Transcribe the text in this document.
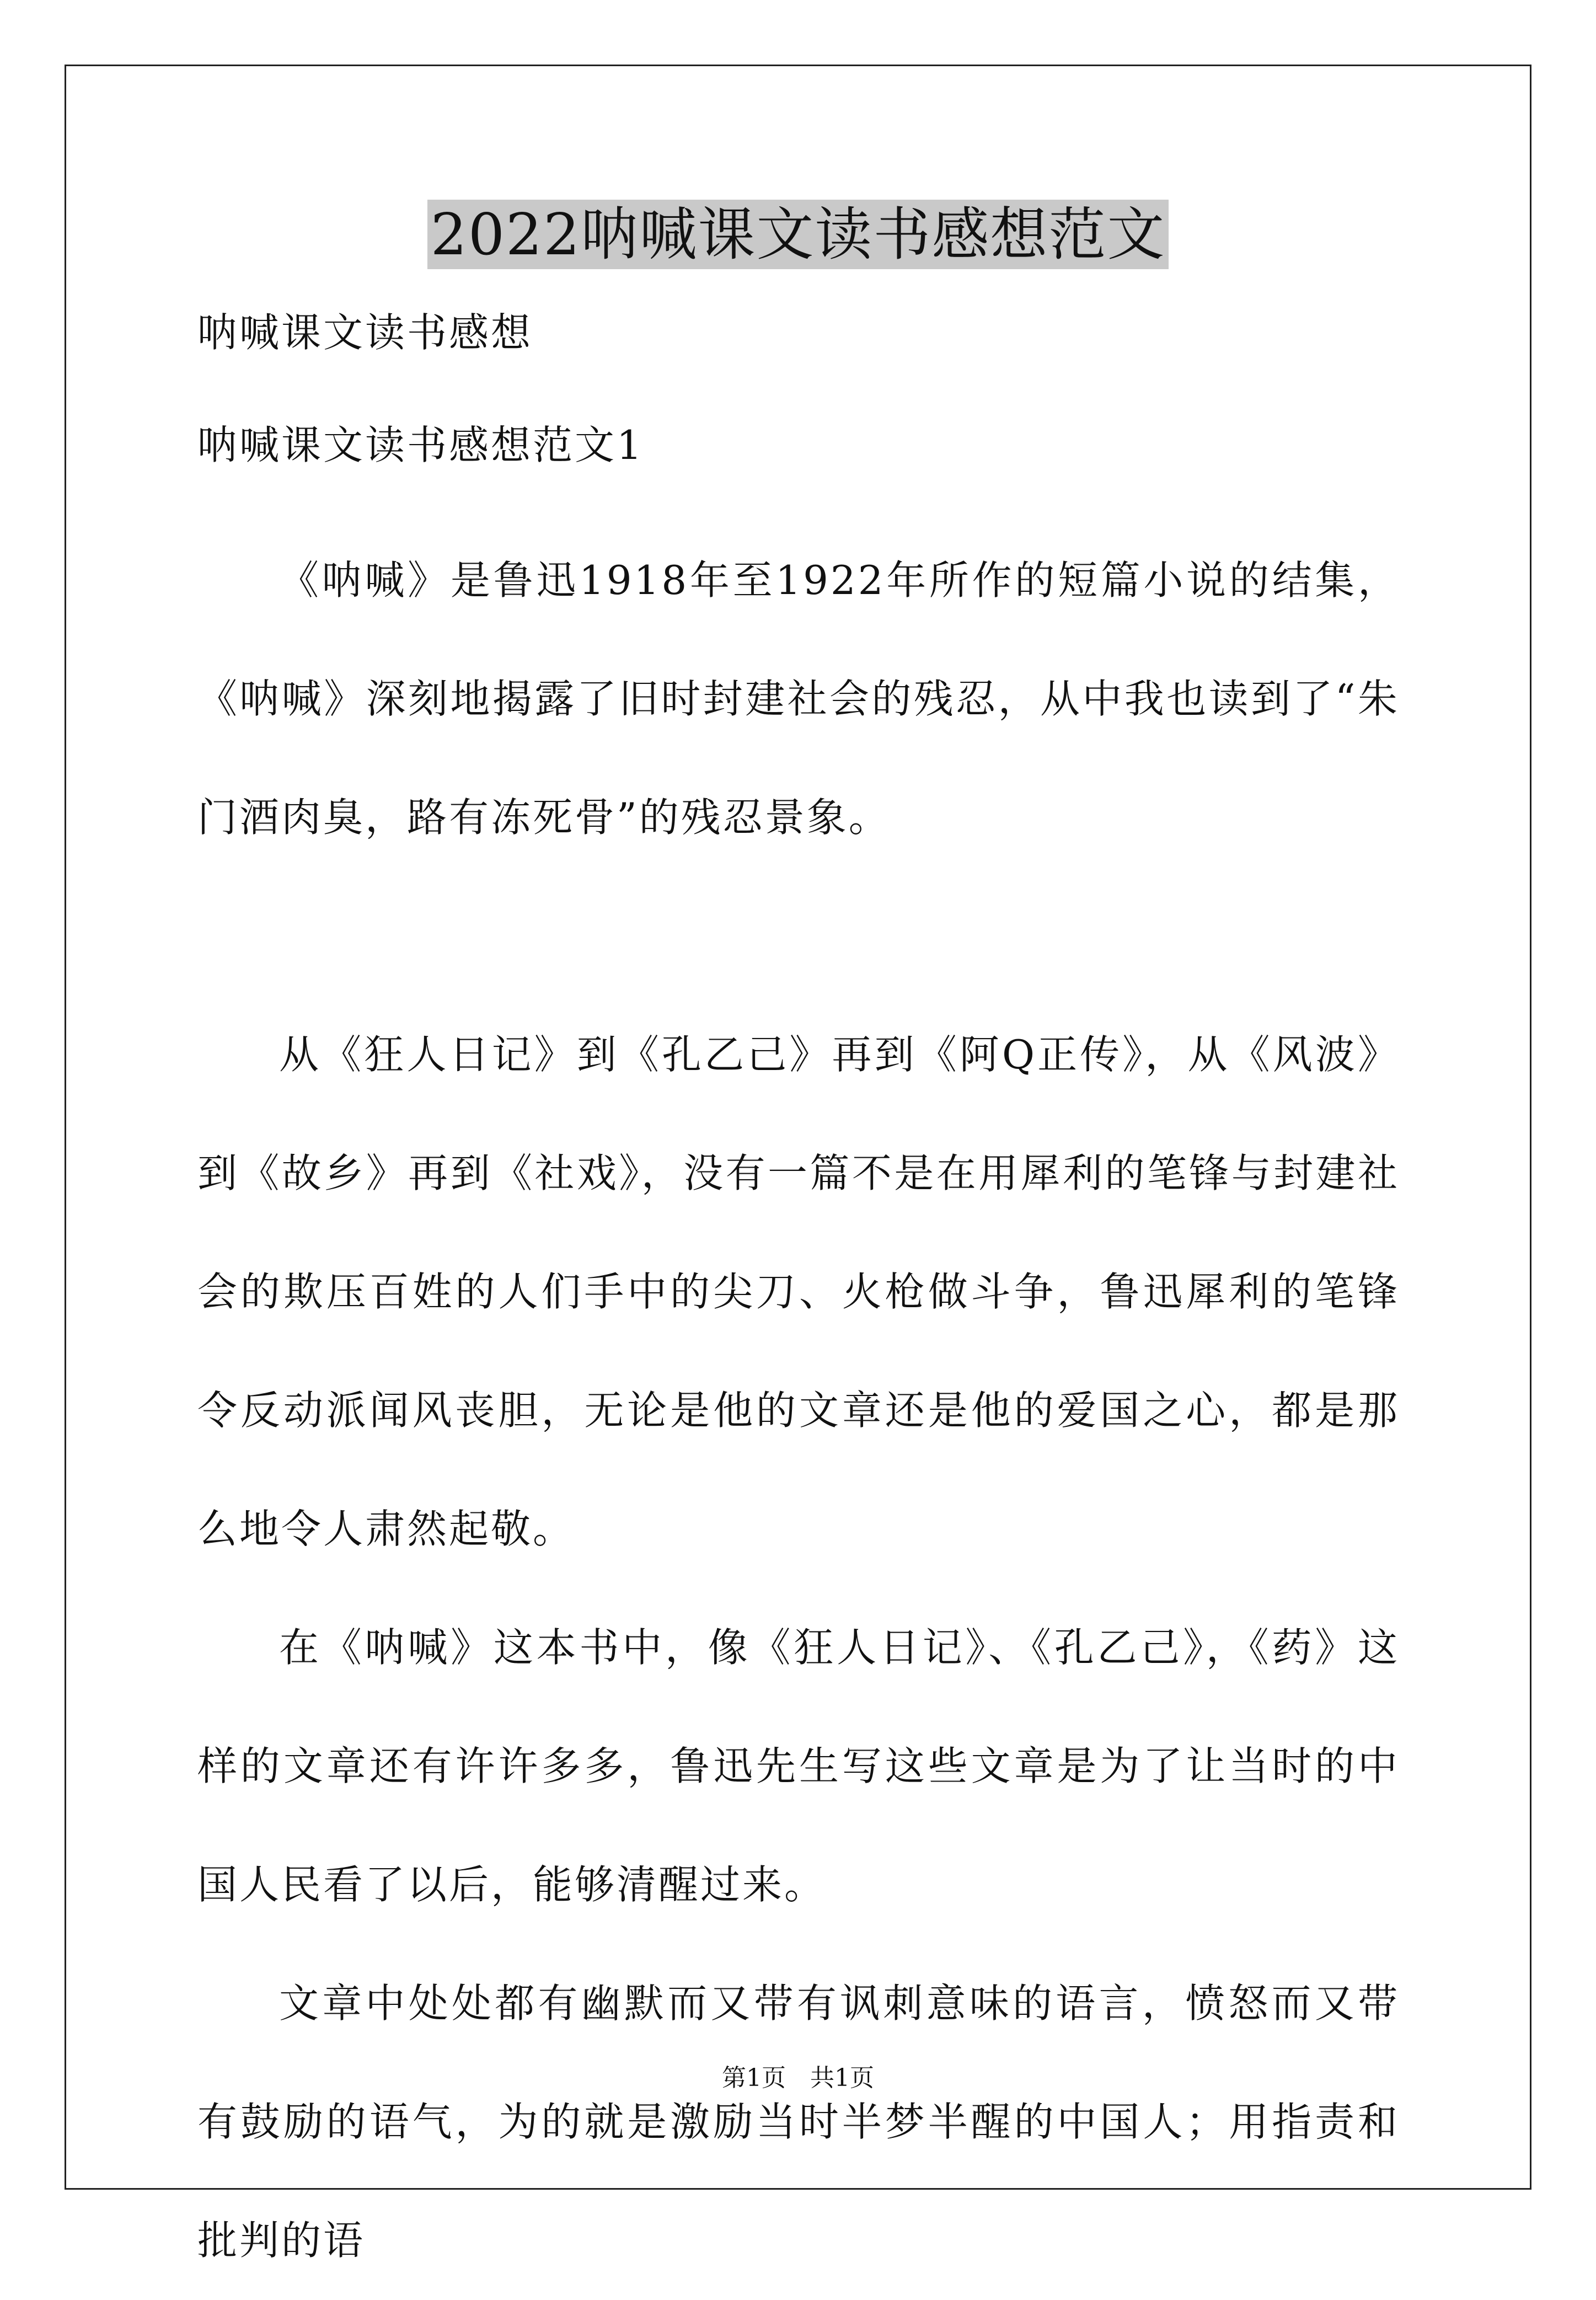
2022呐喊课文读书感想范文

呐喊课文读书感想

呐喊课文读书感想范文1

《呐喊》是鲁迅1918年至1922年所作的短篇小说的结集，《呐喊》深刻地揭露了旧时封建社会的残忍，从中我也读到了“朱门酒肉臭，路有冻死骨”的残忍景象。

从《狂人日记》到《孔乙己》再到《阿Q正传》，从《风波》到《故乡》再到《社戏》，没有一篇不是在用犀利的笔锋与封建社会的欺压百姓的人们手中的尖刀、火枪做斗争，鲁迅犀利的笔锋令反动派闻风丧胆，无论是他的文章还是他的爱国之心，都是那么地令人肃然起敬。

在《呐喊》这本书中，像《狂人日记》、《孔乙己》，《药》这样的文章还有许许多多，鲁迅先生写这些文章是为了让当时的中国人民看了以后，能够清醒过来。

文章中处处都有幽默而又带有讽刺意味的语言，愤怒而又带有鼓励的语气，为的就是激励当时半梦半醒的中国人；用指责和批判的语

第1页 共1页
